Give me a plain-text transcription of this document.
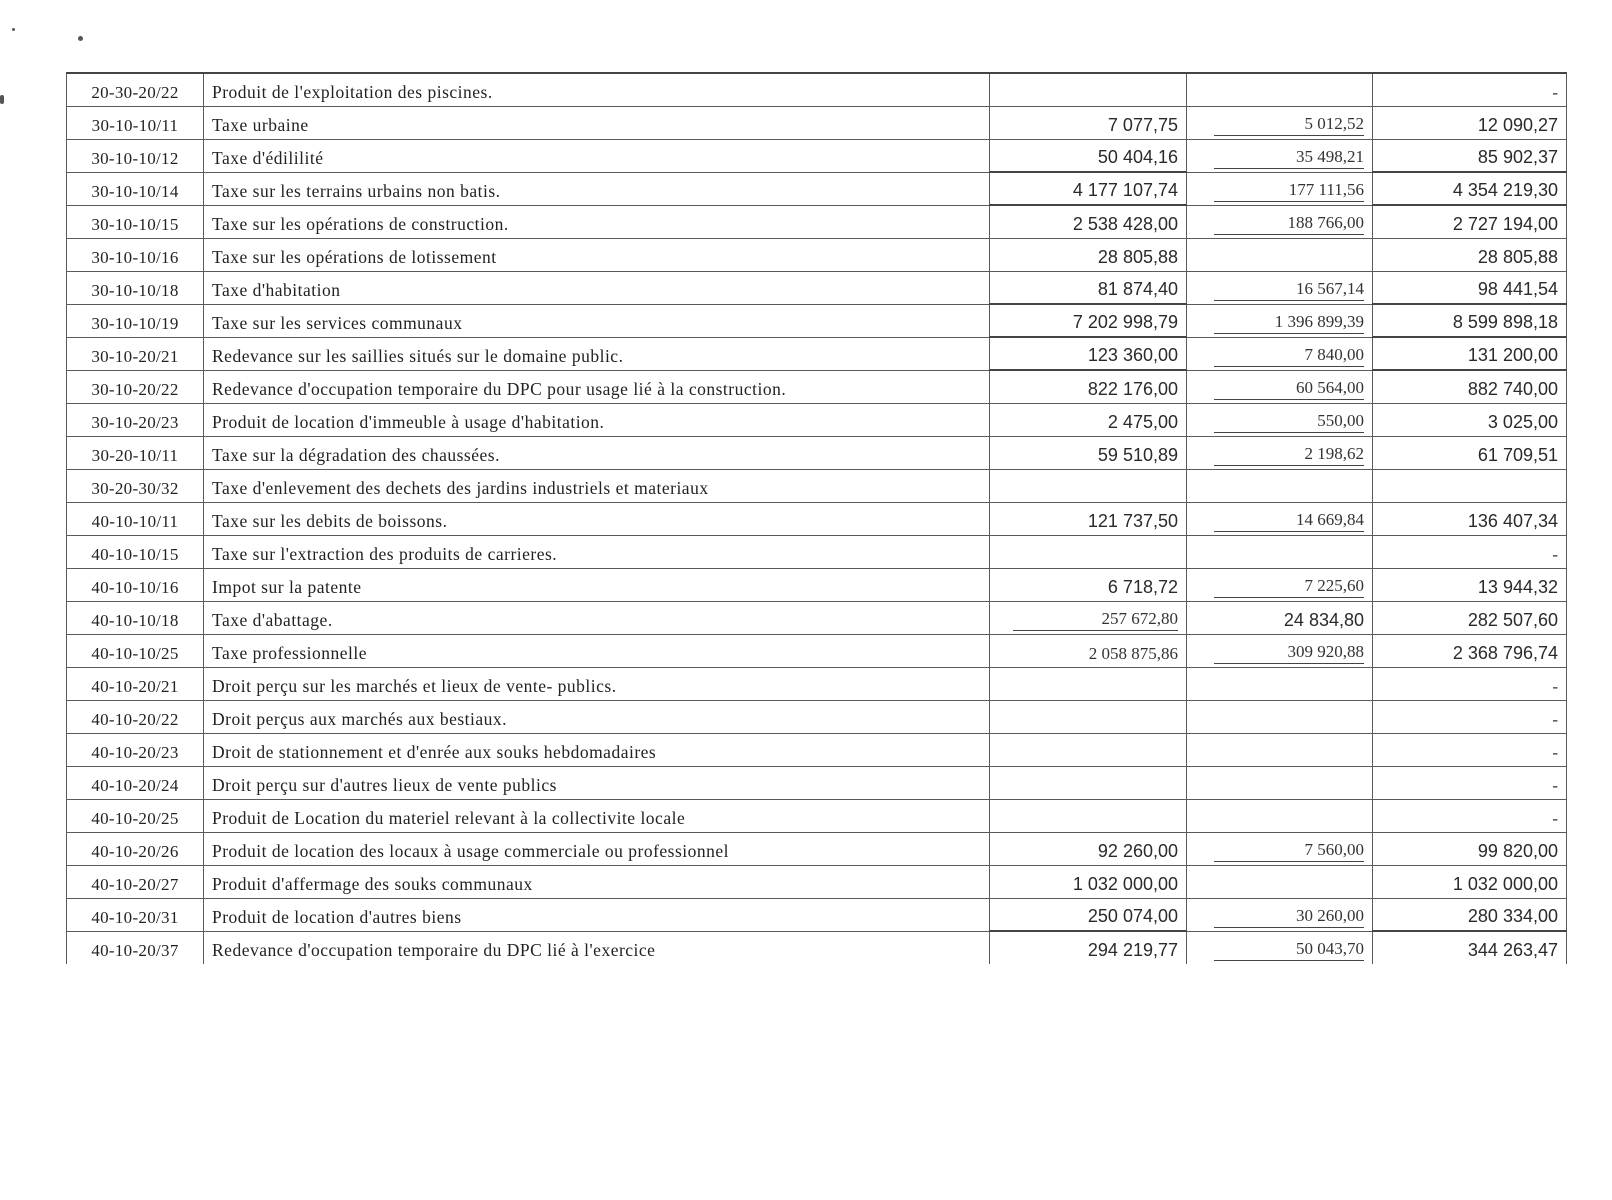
20-30-20/22	Produit de l'exploitation des piscines.			-
30-10-10/11	Taxe urbaine	7 077,75	5 012,52	12 090,27
30-10-10/12	Taxe d'édililité	50 404,16	35 498,21	85 902,37
30-10-10/14	Taxe sur les terrains urbains non batis.	4 177 107,74	177 111,56	4 354 219,30
30-10-10/15	Taxe sur les opérations de construction.	2 538 428,00	188 766,00	2 727 194,00
30-10-10/16	Taxe sur les opérations de lotissement	28 805,88		28 805,88
30-10-10/18	Taxe d'habitation	81 874,40	16 567,14	98 441,54
30-10-10/19	Taxe sur les services communaux	7 202 998,79	1 396 899,39	8 599 898,18
30-10-20/21	Redevance sur les saillies situés sur le domaine public.	123 360,00	7 840,00	131 200,00
30-10-20/22	Redevance d'occupation temporaire du DPC pour usage lié à la construction.	822 176,00	60 564,00	882 740,00
30-10-20/23	Produit de location d'immeuble à usage d'habitation.	2 475,00	550,00	3 025,00
30-20-10/11	Taxe sur la dégradation des chaussées.	59 510,89	2 198,62	61 709,51
30-20-30/32	Taxe d'enlevement des dechets des jardins industriels et materiaux			
40-10-10/11	Taxe sur les debits de boissons.	121 737,50	14 669,84	136 407,34
40-10-10/15	Taxe sur l'extraction des produits de carrieres.			-
40-10-10/16	Impot sur la patente	6 718,72	7 225,60	13 944,32
40-10-10/18	Taxe d'abattage.	257 672,80	24 834,80	282 507,60
40-10-10/25	Taxe professionnelle	2 058 875,86	309 920,88	2 368 796,74
40-10-20/21	Droit perçu sur les marchés et lieux de vente- publics.			-
40-10-20/22	Droit perçus aux marchés aux bestiaux.			-
40-10-20/23	Droit de stationnement et d'enrée aux souks hebdomadaires			-
40-10-20/24	Droit perçu sur d'autres lieux de vente publics			-
40-10-20/25	Produit de Location du materiel relevant à la collectivite locale			-
40-10-20/26	Produit de location des locaux à usage commerciale ou professionnel	92 260,00	7 560,00	99 820,00
40-10-20/27	Produit d'affermage des souks communaux	1 032 000,00		1 032 000,00
40-10-20/31	Produit de location d'autres biens	250 074,00	30 260,00	280 334,00
40-10-20/37	Redevance d'occupation temporaire du DPC lié à l'exercice	294 219,77	50 043,70	344 263,47
